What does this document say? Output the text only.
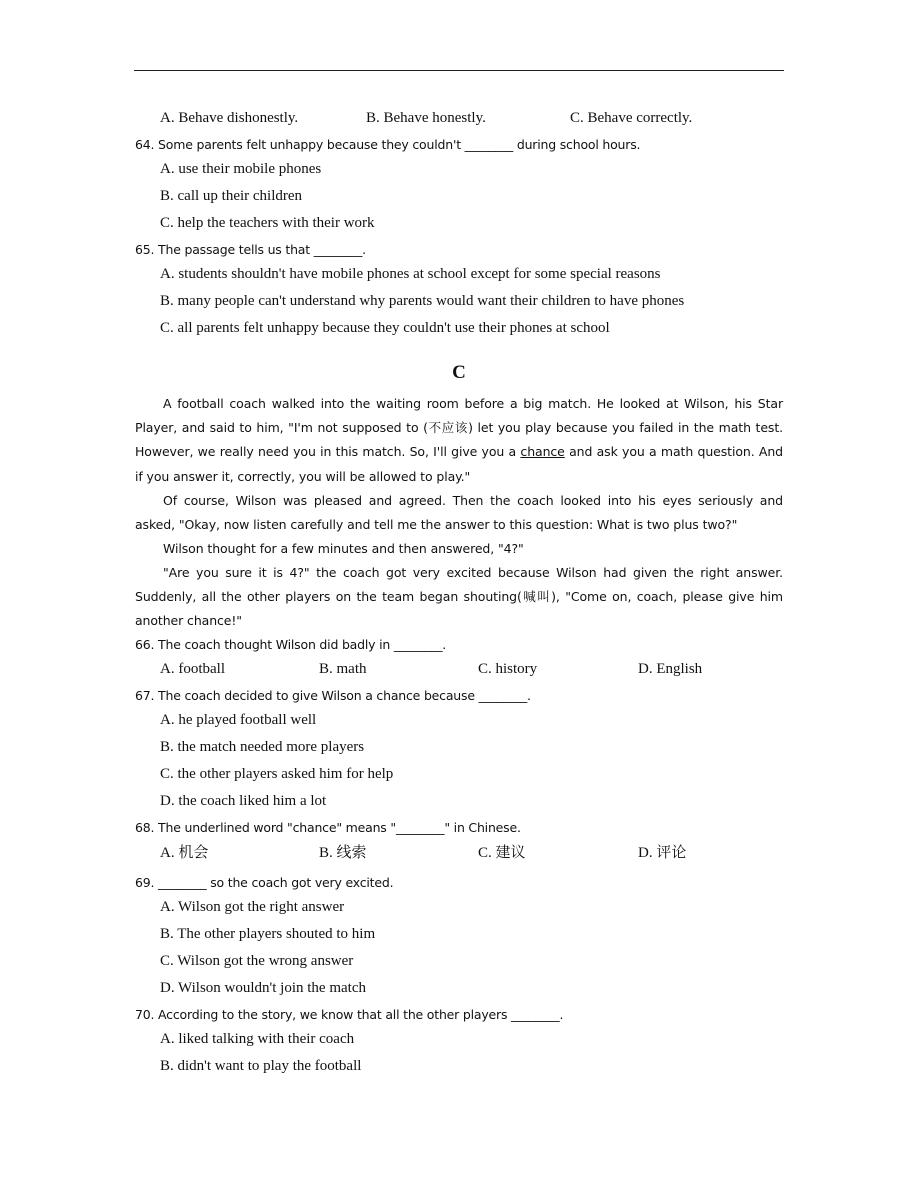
A. Behave dishonestly.	B. Behave honestly.	C. Behave correctly.
64. Some parents felt unhappy because they couldn't ________ during school hours.
A. use their mobile phones
B. call up their children
C. help the teachers with their work
65. The passage tells us that ________.
A. students shouldn't have mobile phones at school except for some special reasons
B. many people can't understand why parents would want their children to have phones
C. all parents felt unhappy because they couldn't use their phones at school
C
A football coach walked into the waiting room before a big match. He looked at Wilson, his Star Player, and said to him, "I'm not supposed to (不应该) let you play because you failed in the math test. However, we really need you in this match. So, I'll give you a chance and ask you a math question. And if you answer it, correctly, you will be allowed to play."
Of course, Wilson was pleased and agreed. Then the coach looked into his eyes seriously and asked, "Okay, now listen carefully and tell me the answer to this question: What is two plus two?"
Wilson thought for a few minutes and then answered, "4?"
"Are you sure it is 4?" the coach got very excited because Wilson had given the right answer. Suddenly, all the other players on the team began shouting(喊叫), "Come on, coach, please give him another chance!"
66. The coach thought Wilson did badly in ________.
A. football	B. math	C. history	D. English
67. The coach decided to give Wilson a chance because ________.
A. he played football well
B. the match needed more players
C. the other players asked him for help
D. the coach liked him a lot
68. The underlined word "chance" means "________" in Chinese.
A. 机会	B. 线索	C. 建议	D. 评论
69. ________ so the coach got very excited.
A. Wilson got the right answer
B. The other players shouted to him
C. Wilson got the wrong answer
D. Wilson wouldn't join the match
70. According to the story, we know that all the other players ________.
A. liked talking with their coach
B. didn't want to play the football
